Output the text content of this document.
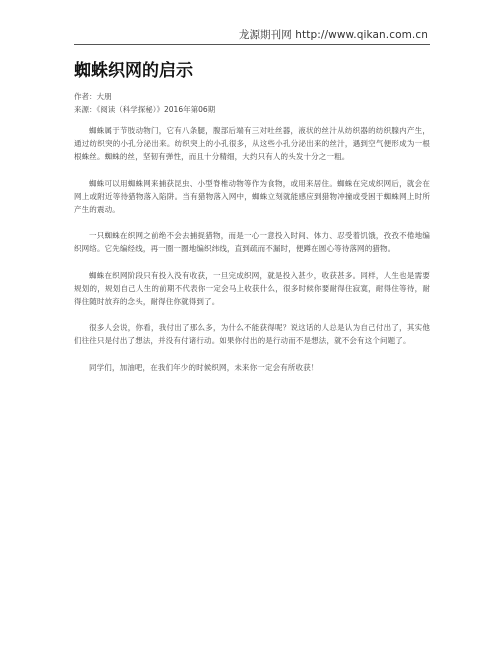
龙源期刊网 http://www.qikan.com.cn
蜘蛛织网的启示

作者：大朋

来源：《阅读（科学探秘）》2016年第06期

蜘蛛属于节肢动物门，它有八条腿，腹部后端有三对吐丝器，液状的丝汁从纺织器的纺织腺内产生，通过纺织突的小孔分泌出来。纺织突上的小孔很多，从这些小孔分泌出来的丝汁，遇到空气便形成为一根根蛛丝。蜘蛛的丝，坚韧有弹性，而且十分精细，大约只有人的头发十分之一粗。

蜘蛛可以用蜘蛛网来捕获昆虫、小型脊椎动物等作为食物，或用来居住。蜘蛛在完成织网后，就会在网上或附近等待猎物落入陷阱。当有猎物落入网中，蜘蛛立刻就能感应到猎物冲撞或受困于蜘蛛网上时所产生的震动。

一只蜘蛛在织网之前绝不会去捕捉猎物，而是一心一意投入时间、体力、忍受着饥饿，孜孜不倦地编织网络。它先编经线，再一圈一圈地编织纬线，直到疏而不漏时，便蹲在圆心等待落网的猎物。

蜘蛛在织网阶段只有投入没有收获，一旦完成织网，就是投入甚少，收获甚多。同样，人生也是需要规划的，规划自己人生的前期不代表你一定会马上收获什么，很多时候你要耐得住寂寞，耐得住等待，耐得住随时放弃的念头，耐得住你就得到了。

很多人会说，你看，我付出了那么多，为什么不能获得呢？说这话的人总是认为自己付出了，其实他们往往只是付出了想法，并没有付诸行动。如果你付出的是行动而不是想法，就不会有这个问题了。

同学们，加油吧，在我们年少的时候织网，未来你一定会有所收获！
